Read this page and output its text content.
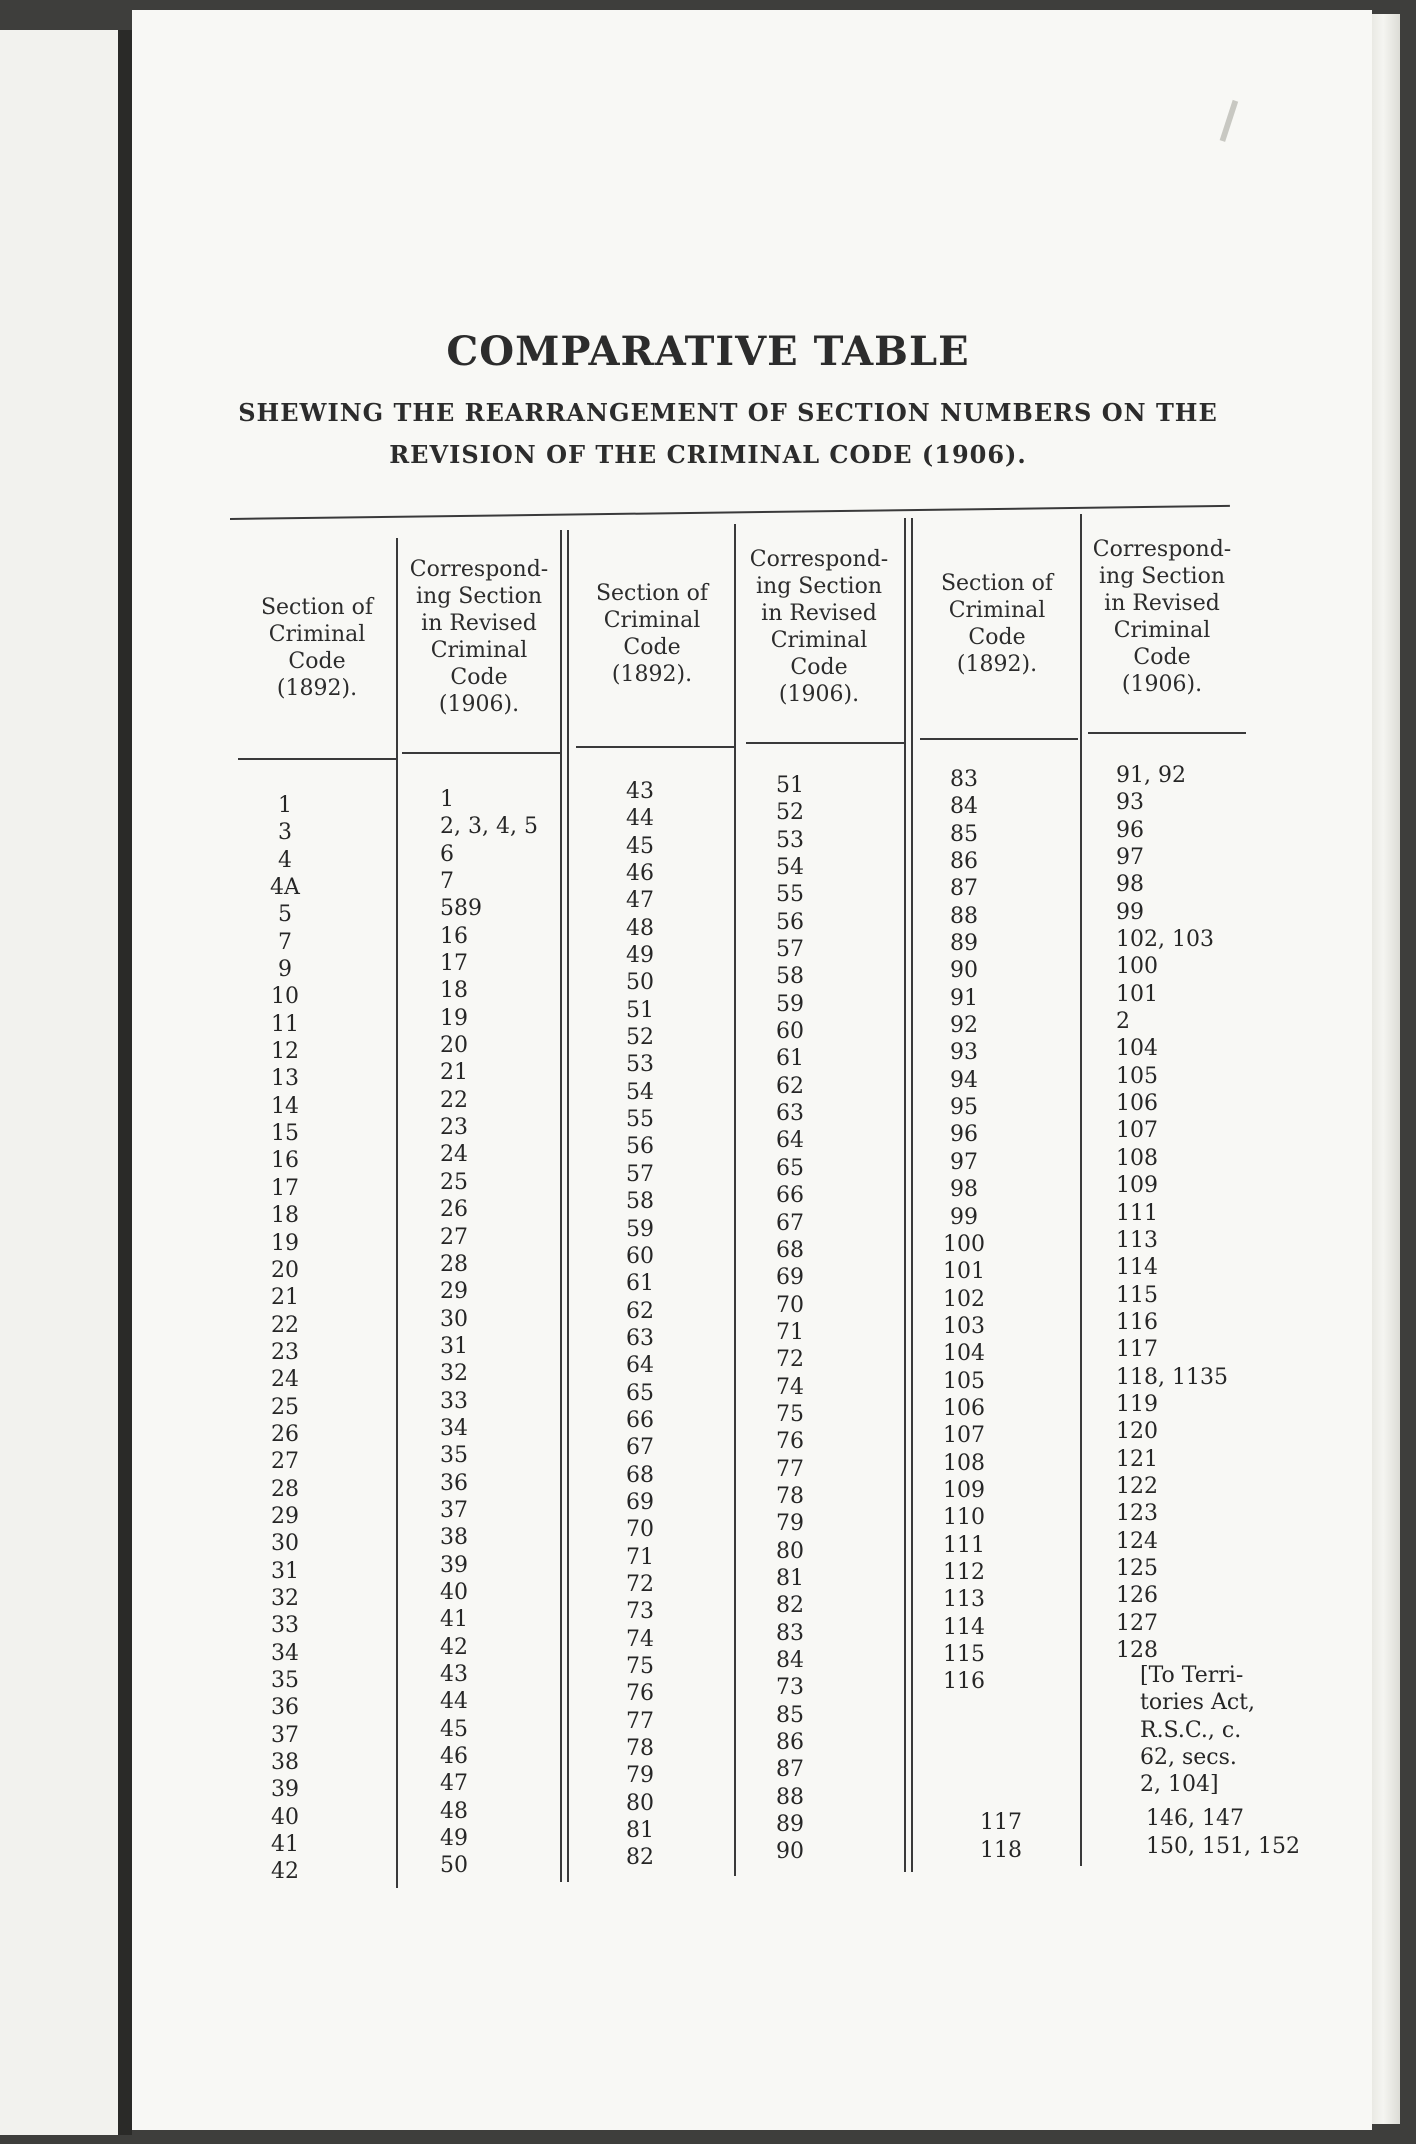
I
COMPARATIVE TABLE
SHEWING THE REARRANGEMENT OF SECTION NUMBERS ON THE
REVISION OF THE CRIMINAL CODE (1906).
Section of
Criminal
Code
(1892).
Correspond-
ing Section
in Revised
Criminal
Code
(1906).
Section of
Criminal
Code
(1892).
Correspond-
ing Section
in Revised
Criminal
Code
(1906).
Section of
Criminal
Code
(1892).
Correspond-
ing Section
in Revised
Criminal
Code
(1906).
1
3
4
4A
5
7
9
10
11
12
13
14
15
16
17
18
19
20
21
22
23
24
25
26
27
28
29
30
31
32
33
34
35
36
37
38
39
40
41
42
1
2, 3, 4, 5
6
7
589
16
17
18
19
20
21
22
23
24
25
26
27
28
29
30
31
32
33
34
35
36
37
38
39
40
41
42
43
44
45
46
47
48
49
50
43
44
45
46
47
48
49
50
51
52
53
54
55
56
57
58
59
60
61
62
63
64
65
66
67
68
69
70
71
72
73
74
75
76
77
78
79
80
81
82
51
52
53
54
55
56
57
58
59
60
61
62
63
64
65
66
67
68
69
70
71
72
74
75
76
77
78
79
80
81
82
83
84
73
85
86
87
88
89
90
83
84
85
86
87
88
89
90
91
92
93
94
95
96
97
98
99
100
101
102
103
104
105
106
107
108
109
110
111
112
113
114
115
116
91, 92
93
96
97
98
99
102, 103
100
101
2
104
105
106
107
108
109
111
113
114
115
116
117
118, 1135
119
120
121
122
123
124
125
126
127
128
[To Terri-
tories Act,
R.S.C., c.
62, secs.
2, 104]
117
118
146, 147
150, 151, 152
